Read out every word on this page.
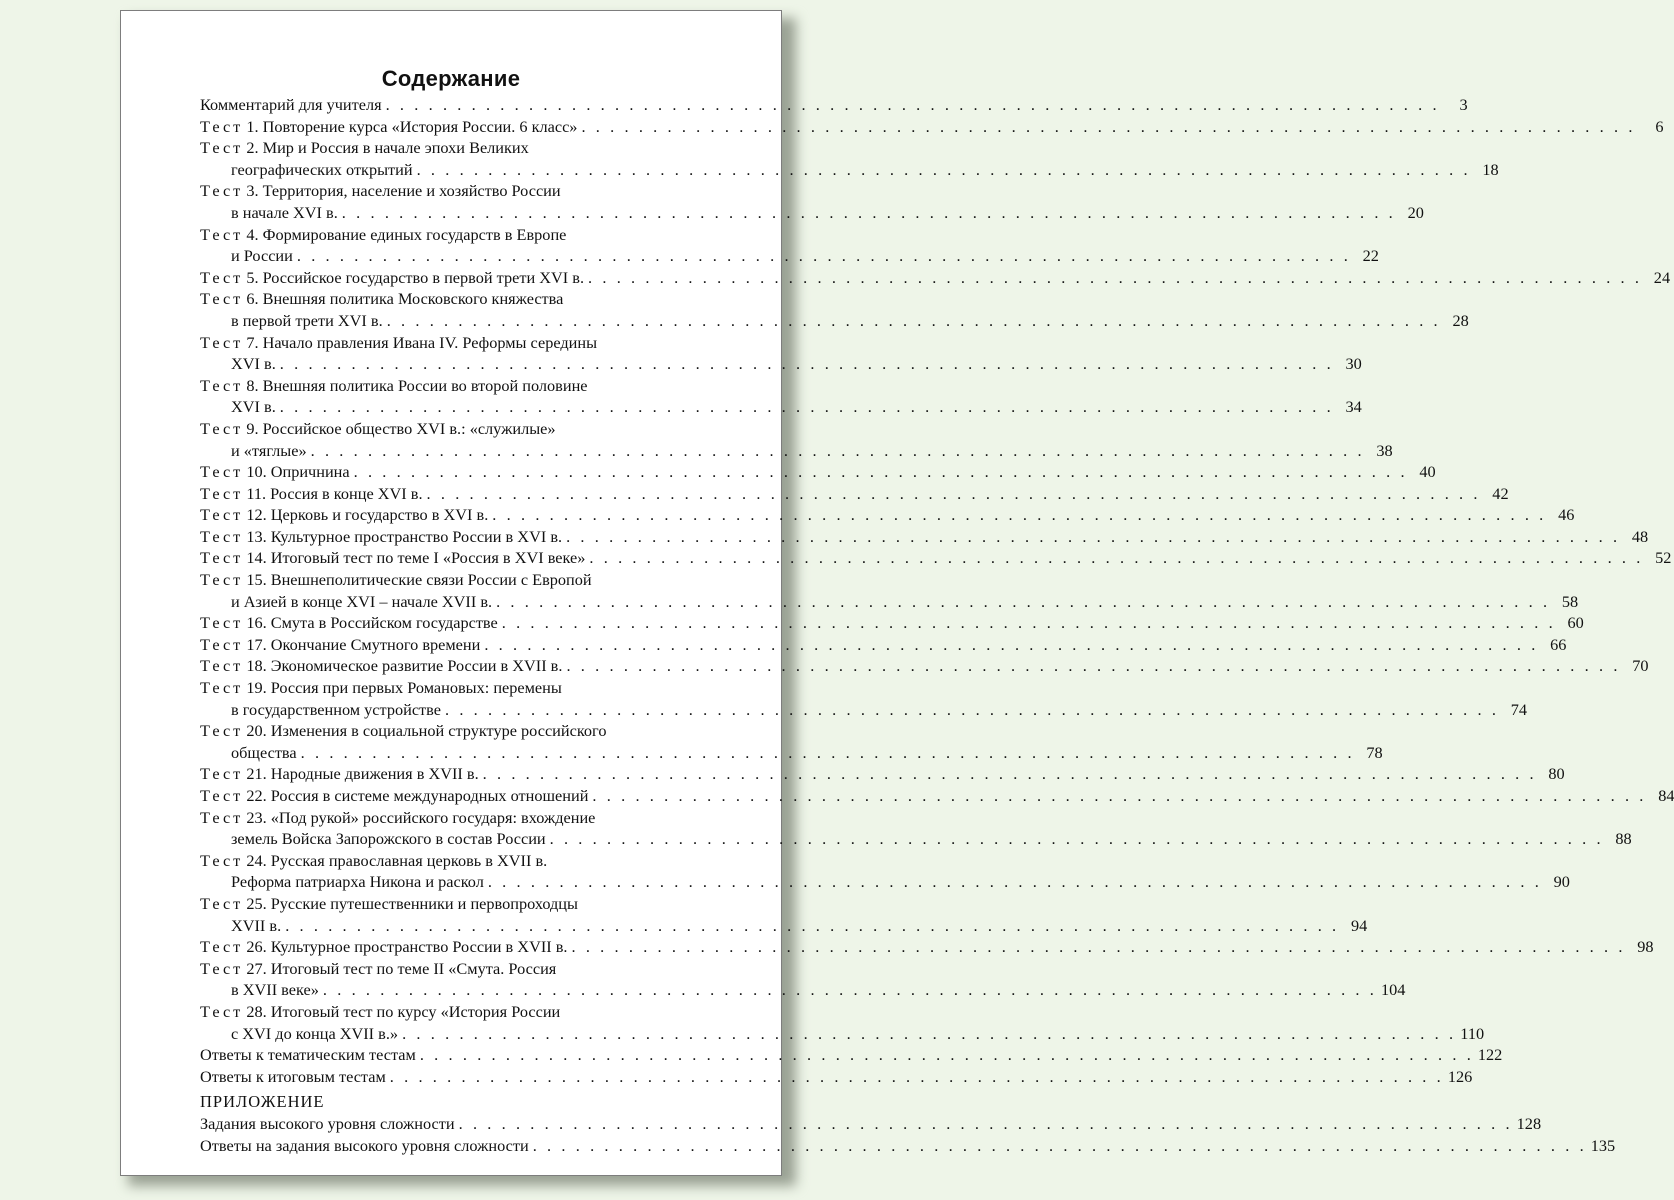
Содержание
Комментарий для учителя . . . . . . . . . . . . . . . . . . . . . . . . . . . . . . . . . . . . . . . . . . . . . . . . . . . . . . . . . . . . . . . . . . . . . . . . . .	3
Тест 1. Повторение курса «История России. 6 класс» . . . . . . . . . . . . . . . . . . . . . . . . . . . . . . . . . . . . . . . . . . . . . . . . . . . . . . . . . . . . . . . . . . . . . . . . . .	6
Тест 2. Мир и Россия в начале эпохи Великих
географических открытий . . . . . . . . . . . . . . . . . . . . . . . . . . . . . . . . . . . . . . . . . . . . . . . . . . . . . . . . . . . . . . . . . . . . . . . . . . 18
Тест 3. Территория, население и хозяйство России
в начале XVI в. . . . . . . . . . . . . . . . . . . . . . . . . . . . . . . . . . . . . . . . . . . . . . . . . . . . . . . . . . . . . . . . . . . . . . . . . . . 20
Тест 4. Формирование единых государств в Европе
и России . . . . . . . . . . . . . . . . . . . . . . . . . . . . . . . . . . . . . . . . . . . . . . . . . . . . . . . . . . . . . . . . . . . . . . . . . . 22
Тест 5. Российское государство в первой трети XVI в. . . . . . . . . . . . . . . . . . . . . . . . . . . . . . . . . . . . . . . . . . . . . . . . . . . . . . . . . . . . . . . . . . . . . . . . . . . 24
Тест 6. Внешняя политика Московского княжества
в первой трети XVI в. . . . . . . . . . . . . . . . . . . . . . . . . . . . . . . . . . . . . . . . . . . . . . . . . . . . . . . . . . . . . . . . . . . . . . . . . . . 28
Тест 7. Начало правления Ивана IV. Реформы середины
XVI в. . . . . . . . . . . . . . . . . . . . . . . . . . . . . . . . . . . . . . . . . . . . . . . . . . . . . . . . . . . . . . . . . . . . . . . . . . . 30
Тест 8. Внешняя политика России во второй половине
XVI в. . . . . . . . . . . . . . . . . . . . . . . . . . . . . . . . . . . . . . . . . . . . . . . . . . . . . . . . . . . . . . . . . . . . . . . . . . . 34
Тест 9. Российское общество XVI в.: «служилые»
и «тяглые» . . . . . . . . . . . . . . . . . . . . . . . . . . . . . . . . . . . . . . . . . . . . . . . . . . . . . . . . . . . . . . . . . . . . . . . . . . 38
Тест 10. Опричнина . . . . . . . . . . . . . . . . . . . . . . . . . . . . . . . . . . . . . . . . . . . . . . . . . . . . . . . . . . . . . . . . . . . . . . . . . . 40
Тест 11. Россия в конце XVI в. . . . . . . . . . . . . . . . . . . . . . . . . . . . . . . . . . . . . . . . . . . . . . . . . . . . . . . . . . . . . . . . . . . . . . . . . . . 42
Тест 12. Церковь и государство в XVI в. . . . . . . . . . . . . . . . . . . . . . . . . . . . . . . . . . . . . . . . . . . . . . . . . . . . . . . . . . . . . . . . . . . . . . . . . . . 46
Тест 13. Культурное пространство России в XVI в. . . . . . . . . . . . . . . . . . . . . . . . . . . . . . . . . . . . . . . . . . . . . . . . . . . . . . . . . . . . . . . . . . . . . . . . . . . 48
Тест 14. Итоговый тест по теме I «Россия в XVI веке» . . . . . . . . . . . . . . . . . . . . . . . . . . . . . . . . . . . . . . . . . . . . . . . . . . . . . . . . . . . . . . . . . . . . . . . . . . 52
Тест 15. Внешнеполитические связи России с Европой
и Азией в конце XVI – начале XVII в. . . . . . . . . . . . . . . . . . . . . . . . . . . . . . . . . . . . . . . . . . . . . . . . . . . . . . . . . . . . . . . . . . . . . . . . . . . 58
Тест 16. Смута в Российском государстве . . . . . . . . . . . . . . . . . . . . . . . . . . . . . . . . . . . . . . . . . . . . . . . . . . . . . . . . . . . . . . . . . . . . . . . . . . 60
Тест 17. Окончание Смутного времени . . . . . . . . . . . . . . . . . . . . . . . . . . . . . . . . . . . . . . . . . . . . . . . . . . . . . . . . . . . . . . . . . . . . . . . . . . 66
Тест 18. Экономическое развитие России в XVII в. . . . . . . . . . . . . . . . . . . . . . . . . . . . . . . . . . . . . . . . . . . . . . . . . . . . . . . . . . . . . . . . . . . . . . . . . . . 70
Тест 19. Россия при первых Романовых: перемены
в государственном устройстве . . . . . . . . . . . . . . . . . . . . . . . . . . . . . . . . . . . . . . . . . . . . . . . . . . . . . . . . . . . . . . . . . . . . . . . . . . 74
Тест 20. Изменения в социальной структуре российского
общества . . . . . . . . . . . . . . . . . . . . . . . . . . . . . . . . . . . . . . . . . . . . . . . . . . . . . . . . . . . . . . . . . . . . . . . . . . 78
Тест 21. Народные движения в XVII в. . . . . . . . . . . . . . . . . . . . . . . . . . . . . . . . . . . . . . . . . . . . . . . . . . . . . . . . . . . . . . . . . . . . . . . . . . . 80
Тест 22. Россия в системе международных отношений . . . . . . . . . . . . . . . . . . . . . . . . . . . . . . . . . . . . . . . . . . . . . . . . . . . . . . . . . . . . . . . . . . . . . . . . . . 84
Тест 23. «Под рукой» российского государя: вхождение
земель Войска Запорожского в состав России . . . . . . . . . . . . . . . . . . . . . . . . . . . . . . . . . . . . . . . . . . . . . . . . . . . . . . . . . . . . . . . . . . . . . . . . . . 88
Тест 24. Русская православная церковь в XVII в.
Реформа патриарха Никона и раскол . . . . . . . . . . . . . . . . . . . . . . . . . . . . . . . . . . . . . . . . . . . . . . . . . . . . . . . . . . . . . . . . . . . . . . . . . . 90
Тест 25. Русские путешественники и первопроходцы
XVII в. . . . . . . . . . . . . . . . . . . . . . . . . . . . . . . . . . . . . . . . . . . . . . . . . . . . . . . . . . . . . . . . . . . . . . . . . . . 94
Тест 26. Культурное пространство России в XVII в. . . . . . . . . . . . . . . . . . . . . . . . . . . . . . . . . . . . . . . . . . . . . . . . . . . . . . . . . . . . . . . . . . . . . . . . . . . 98
Тест 27. Итоговый тест по теме II «Смута. Россия
в XVII веке» . . . . . . . . . . . . . . . . . . . . . . . . . . . . . . . . . . . . . . . . . . . . . . . . . . . . . . . . . . . . . . . . . . . . . . . . . . 104
Тест 28. Итоговый тест по курсу «История России
с XVI до конца XVII в.» . . . . . . . . . . . . . . . . . . . . . . . . . . . . . . . . . . . . . . . . . . . . . . . . . . . . . . . . . . . . . . . . . . . . . . . . . . 110
Ответы к тематическим тестам . . . . . . . . . . . . . . . . . . . . . . . . . . . . . . . . . . . . . . . . . . . . . . . . . . . . . . . . . . . . . . . . . . . . . . . . . . 122
Ответы к итоговым тестам . . . . . . . . . . . . . . . . . . . . . . . . . . . . . . . . . . . . . . . . . . . . . . . . . . . . . . . . . . . . . . . . . . . . . . . . . . 126
ПРИЛОЖЕНИЕ
Задания высокого уровня сложности . . . . . . . . . . . . . . . . . . . . . . . . . . . . . . . . . . . . . . . . . . . . . . . . . . . . . . . . . . . . . . . . . . . . . . . . . . 128
Ответы на задания высокого уровня сложности . . . . . . . . . . . . . . . . . . . . . . . . . . . . . . . . . . . . . . . . . . . . . . . . . . . . . . . . . . . . . . . . . . . . . . . . . . 135
